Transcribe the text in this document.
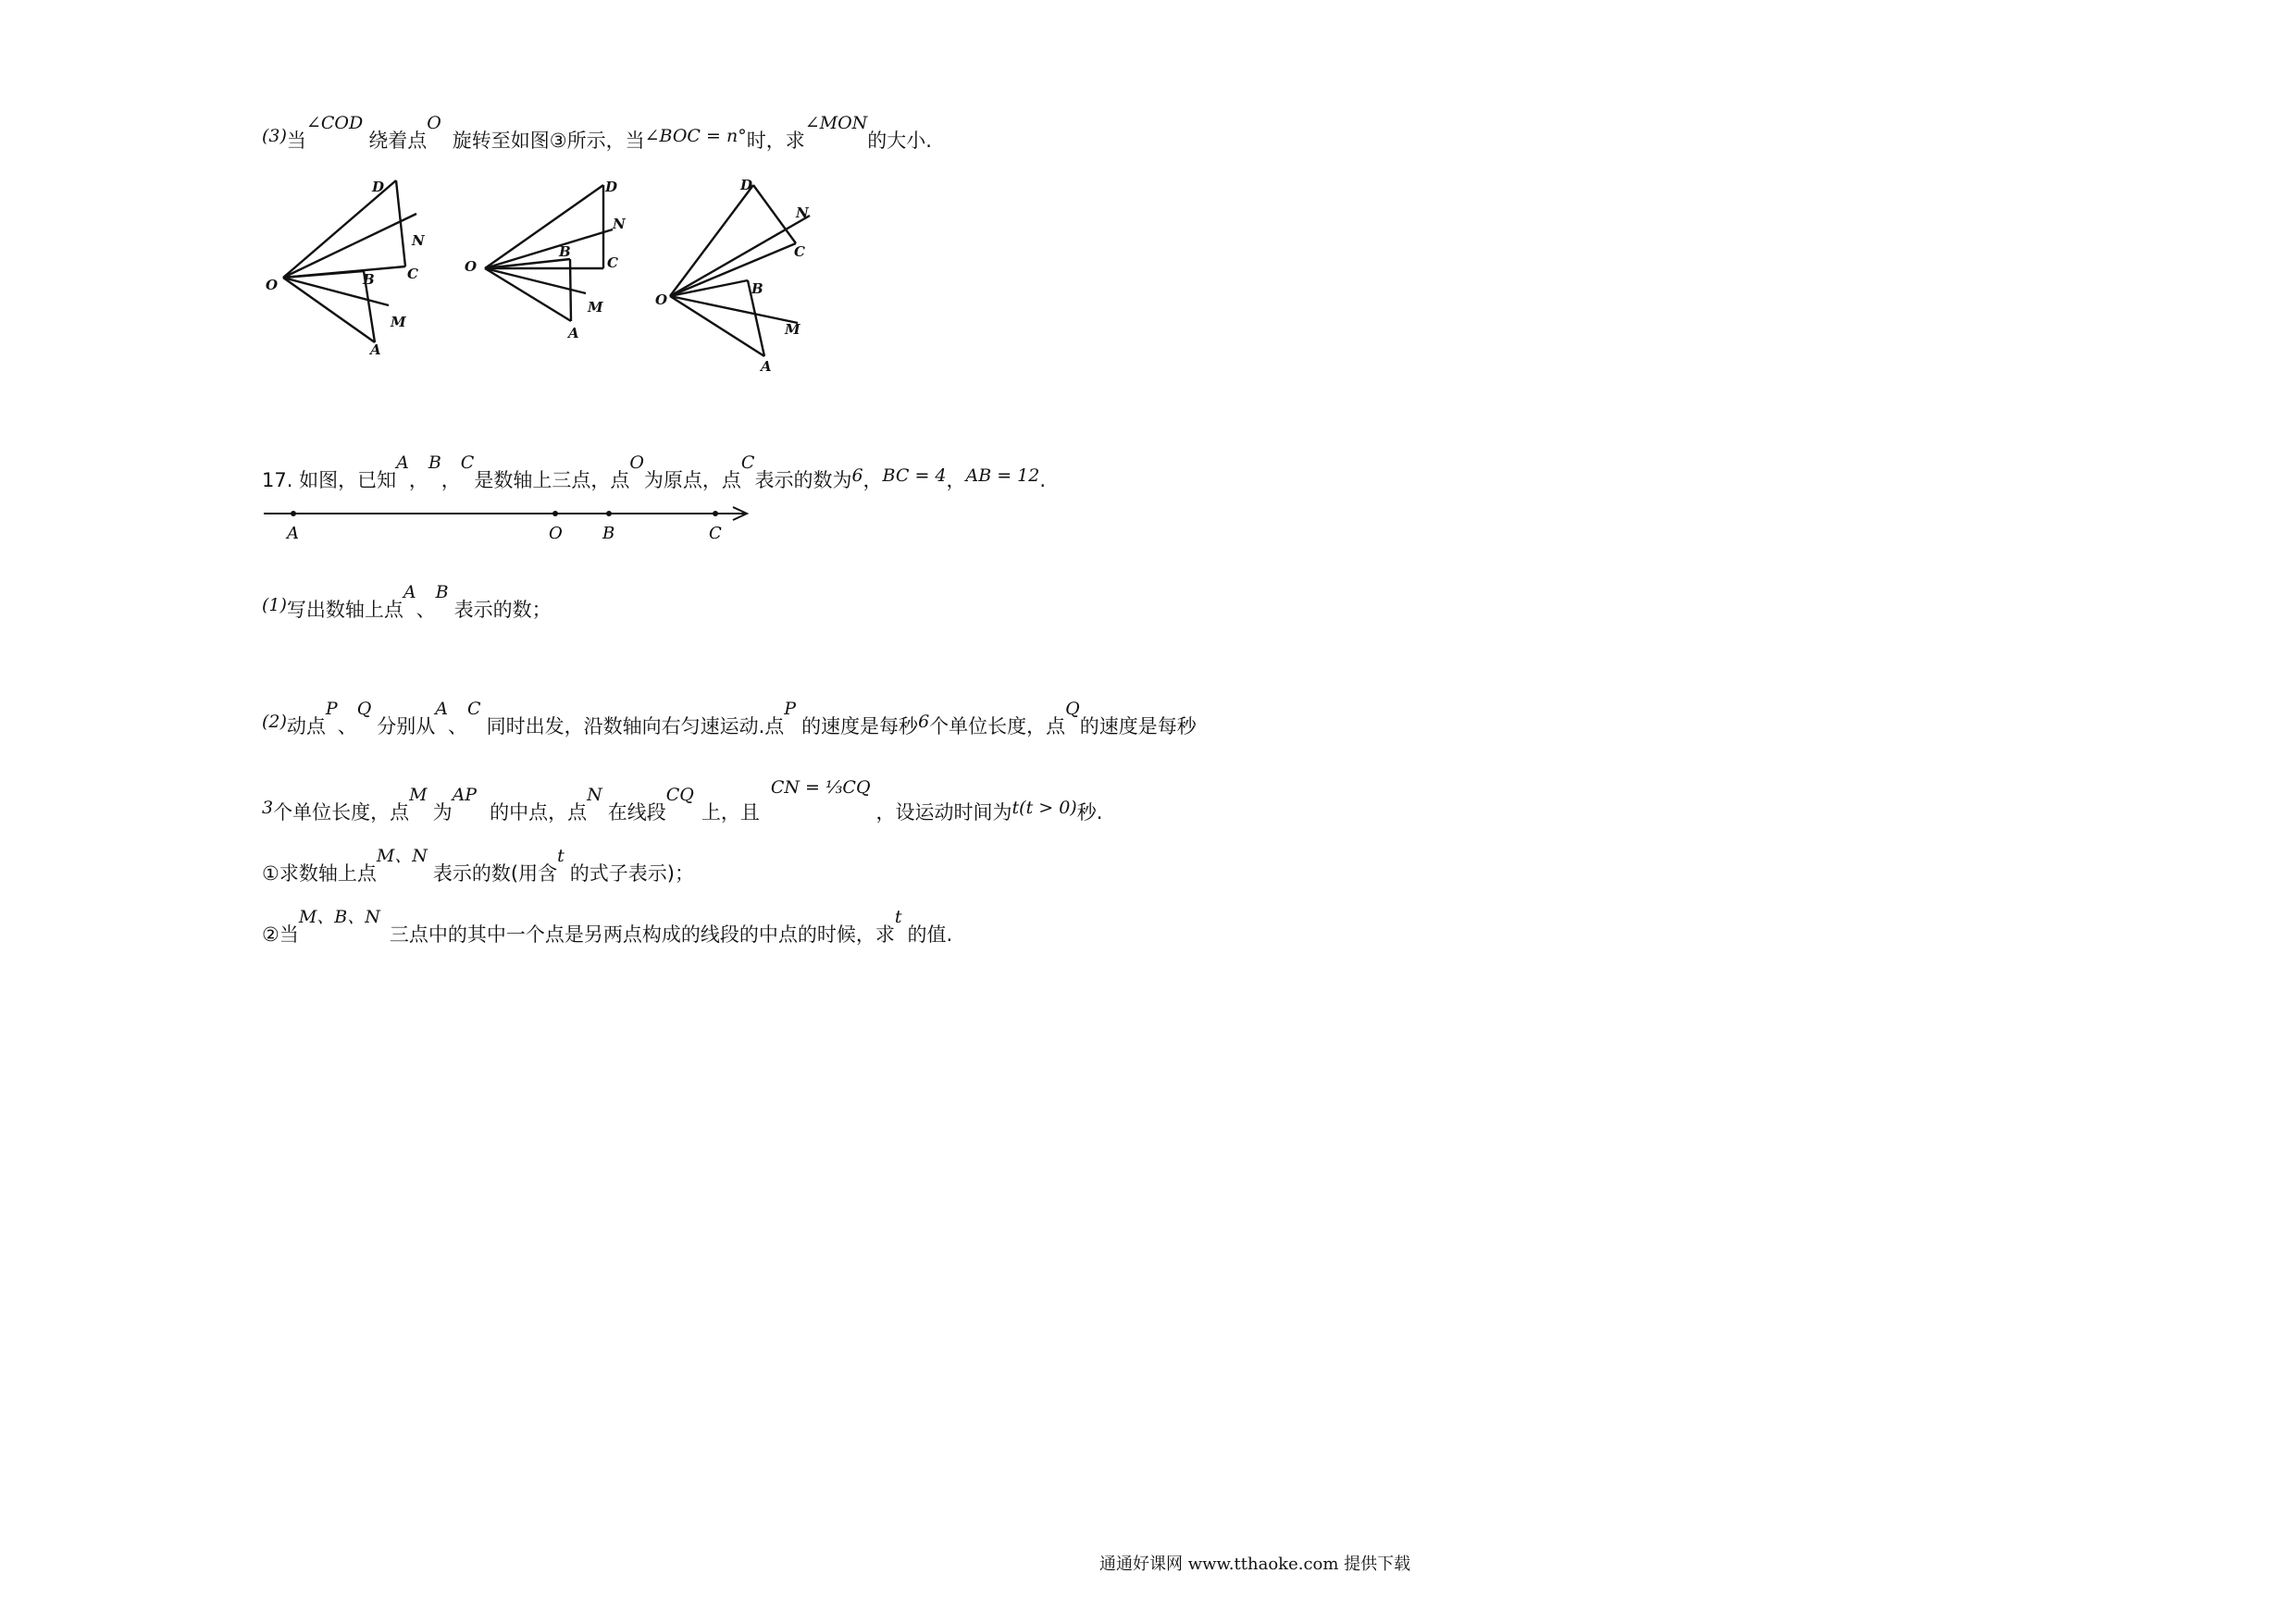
(3)当∠COD绕着点O旋转至如图③所示，当∠BOC = n°时，求∠MON的大小.
O
A
B C
D
M
N
O
A
B
C
D
M
N
O
A
B
C
D
M
N
17. 如图，已知A，B，C是数轴上三点，点O为原点，点C表示的数为6，BC = 4，AB = 12.
A	O B	C
(1)写出数轴上点A、B表示的数；
(2)动点P、Q分别从A、C同时出发，沿数轴向右匀速运动.点P的速度是每秒6个单位长度，点Q的速度是每秒
3个单位长度，点M为AP的中点，点N在线段CQ上，且CN = ⅓CQ，设运动时间为t(t > 0)秒.
①求数轴上点M、N表示的数(用含t的式子表示)；
②当M、B、N三点中的其中一个点是另两点构成的线段的中点的时候，求t的值.
通通好课网 www.tthaoke.com 提供下载
